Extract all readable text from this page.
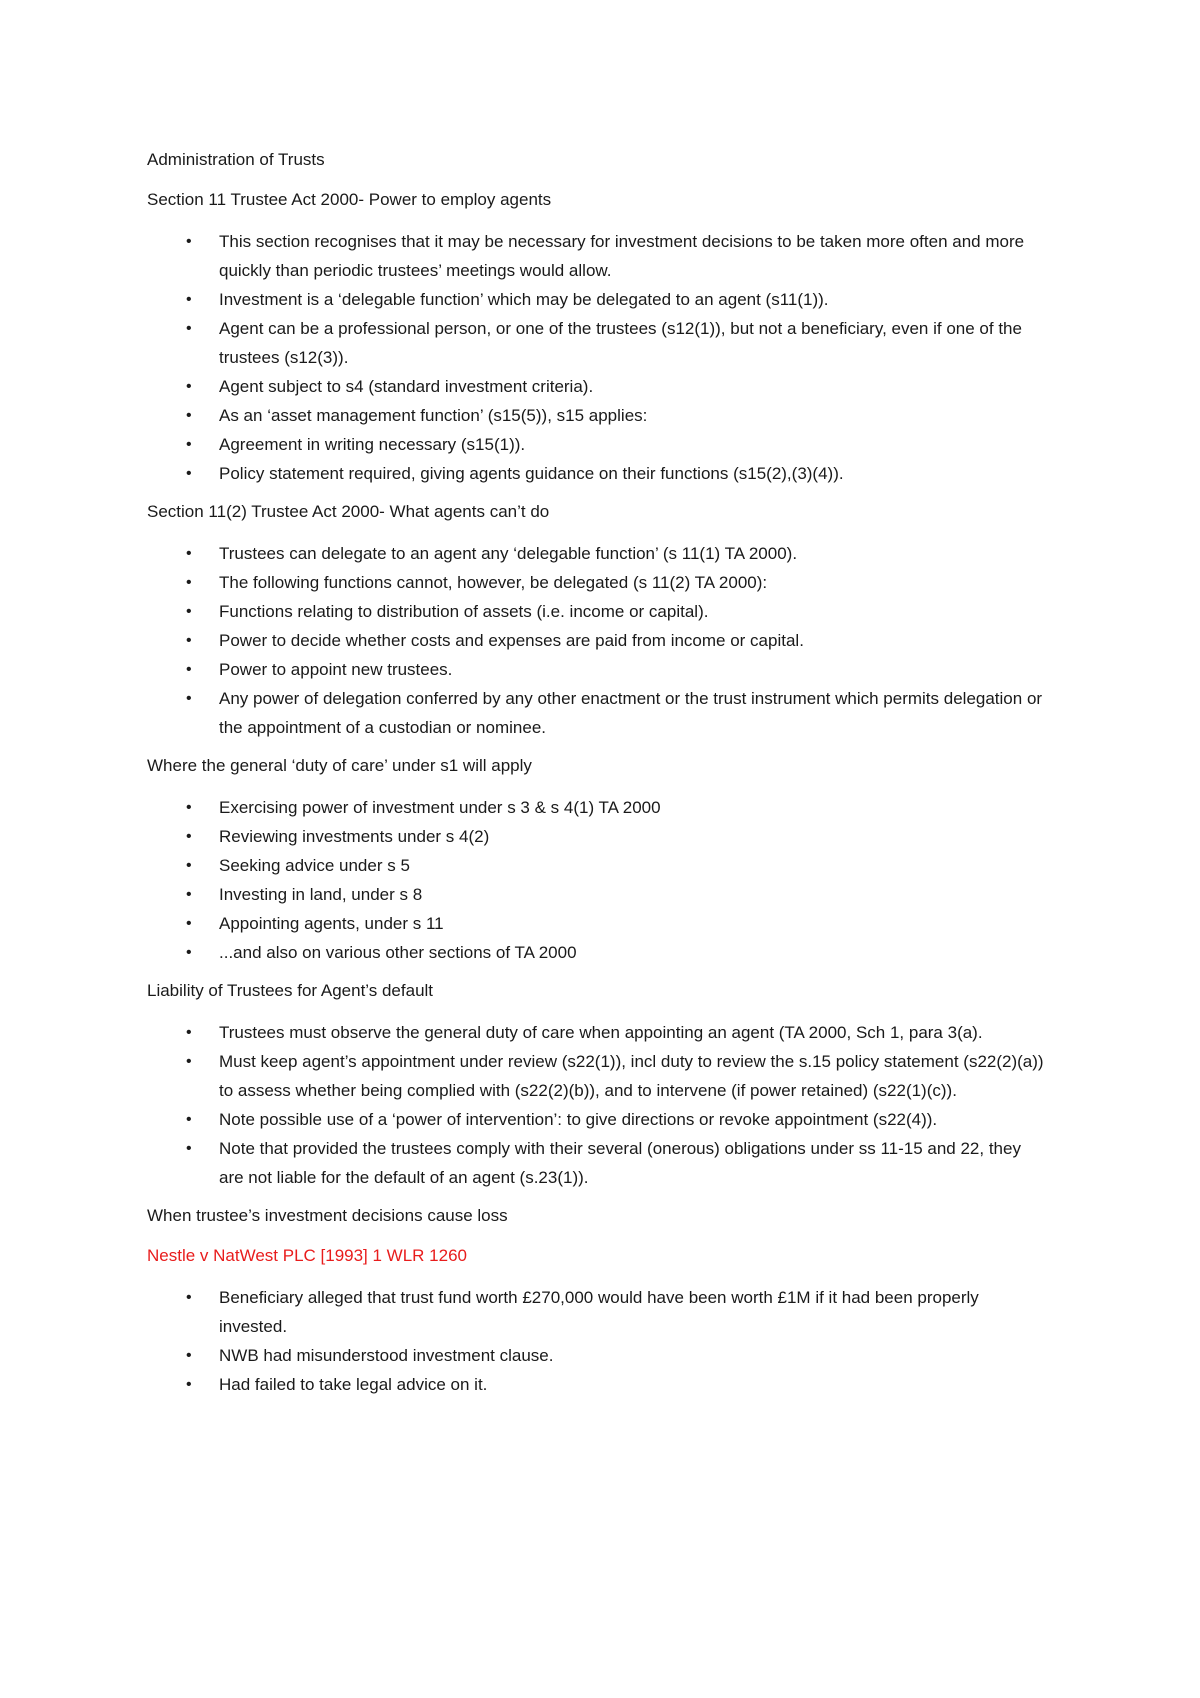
Administration of Trusts
Section 11 Trustee Act 2000- Power to employ agents
• This section recognises that it may be necessary for investment decisions to be taken more often and more quickly than periodic trustees’ meetings would allow.
• Investment is a ‘delegable function’ which may be delegated to an agent (s11(1)).
• Agent can be a professional person, or one of the trustees (s12(1)), but not a beneficiary, even if one of the trustees (s12(3)).
• Agent subject to s4 (standard investment criteria).
• As an ‘asset management function’ (s15(5)), s15 applies:
• Agreement in writing necessary (s15(1)).
• Policy statement required, giving agents guidance on their functions (s15(2),(3)(4)).
Section 11(2) Trustee Act 2000- What agents can’t do
• Trustees can delegate to an agent any ‘delegable function’ (s 11(1) TA 2000).
• The following functions cannot, however, be delegated (s 11(2) TA 2000):
• Functions relating to distribution of assets (i.e. income or capital).
• Power to decide whether costs and expenses are paid from income or capital.
• Power to appoint new trustees.
• Any power of delegation conferred by any other enactment or the trust instrument which permits delegation or the appointment of a custodian or nominee.
Where the general ‘duty of care’ under s1 will apply
• Exercising power of investment under s 3 & s 4(1) TA 2000
• Reviewing investments under s 4(2)
• Seeking advice under s 5
• Investing in land, under s 8
• Appointing agents, under s 11
• ...and also on various other sections of TA 2000
Liability of Trustees for Agent’s default
• Trustees must observe the general duty of care when appointing an agent (TA 2000, Sch 1, para 3(a).
• Must keep agent’s appointment under review (s22(1)), incl duty to review the s.15 policy statement (s22(2)(a)) to assess whether being complied with (s22(2)(b)), and to intervene (if power retained) (s22(1)(c)).
• Note possible use of a ‘power of intervention’: to give directions or revoke appointment (s22(4)).
• Note that provided the trustees comply with their several (onerous) obligations under ss 11-15 and 22, they are not liable for the default of an agent (s.23(1)).
When trustee’s investment decisions cause loss
Nestle v NatWest PLC [1993] 1 WLR 1260
• Beneficiary alleged that trust fund worth £270,000 would have been worth £1M if it had been properly invested.
• NWB had misunderstood investment clause.
• Had failed to take legal advice on it.
